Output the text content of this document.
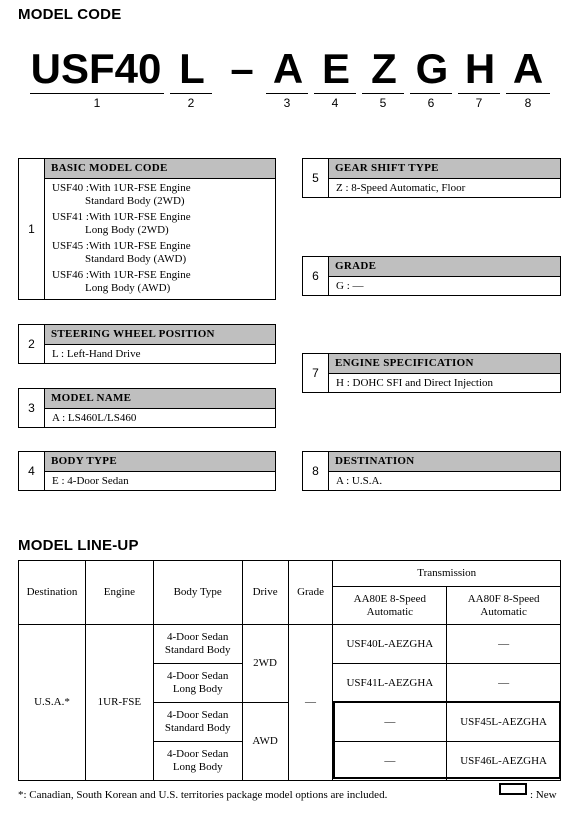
MODEL CODE
USF40 L – A E Z G H A
1	2	3	4	5	6	7	8
1
BASIC MODEL CODE
USF40 :With 1UR-FSE Engine
Standard Body (2WD)
USF41 :With 1UR-FSE Engine
Long Body (2WD)
USF45 :With 1UR-FSE Engine
Standard Body (AWD)
USF46 :With 1UR-FSE Engine
Long Body (AWD)
2
STEERING WHEEL POSITION
L : Left-Hand Drive
3
MODEL NAME
A : LS460L/LS460
4
BODY TYPE
E : 4-Door Sedan
5
GEAR SHIFT TYPE
Z : 8-Speed Automatic, Floor
6
GRADE
G : —
7
ENGINE SPECIFICATION
H : DOHC SFI and Direct Injection
8
DESTINATION
A : U.S.A.
MODEL LINE-UP
Destination	Engine	Body Type	Drive	Grade	Transmission	
					AA80E 8-Speed Automatic	AA80F 8-Speed Automatic
U.S.A.*	1UR-FSE	4-Door Sedan Standard Body	2WD	—	USF40L-AEZGHA	—
		4-Door Sedan Long Body			USF41L-AEZGHA	—
		4-Door Sedan Standard Body	AWD		—	USF45L-AEZGHA
		4-Door Sedan Long Body			—	USF46L-AEZGHA
*: Canadian, South Korean and U.S. territories package model options are included.	: New
